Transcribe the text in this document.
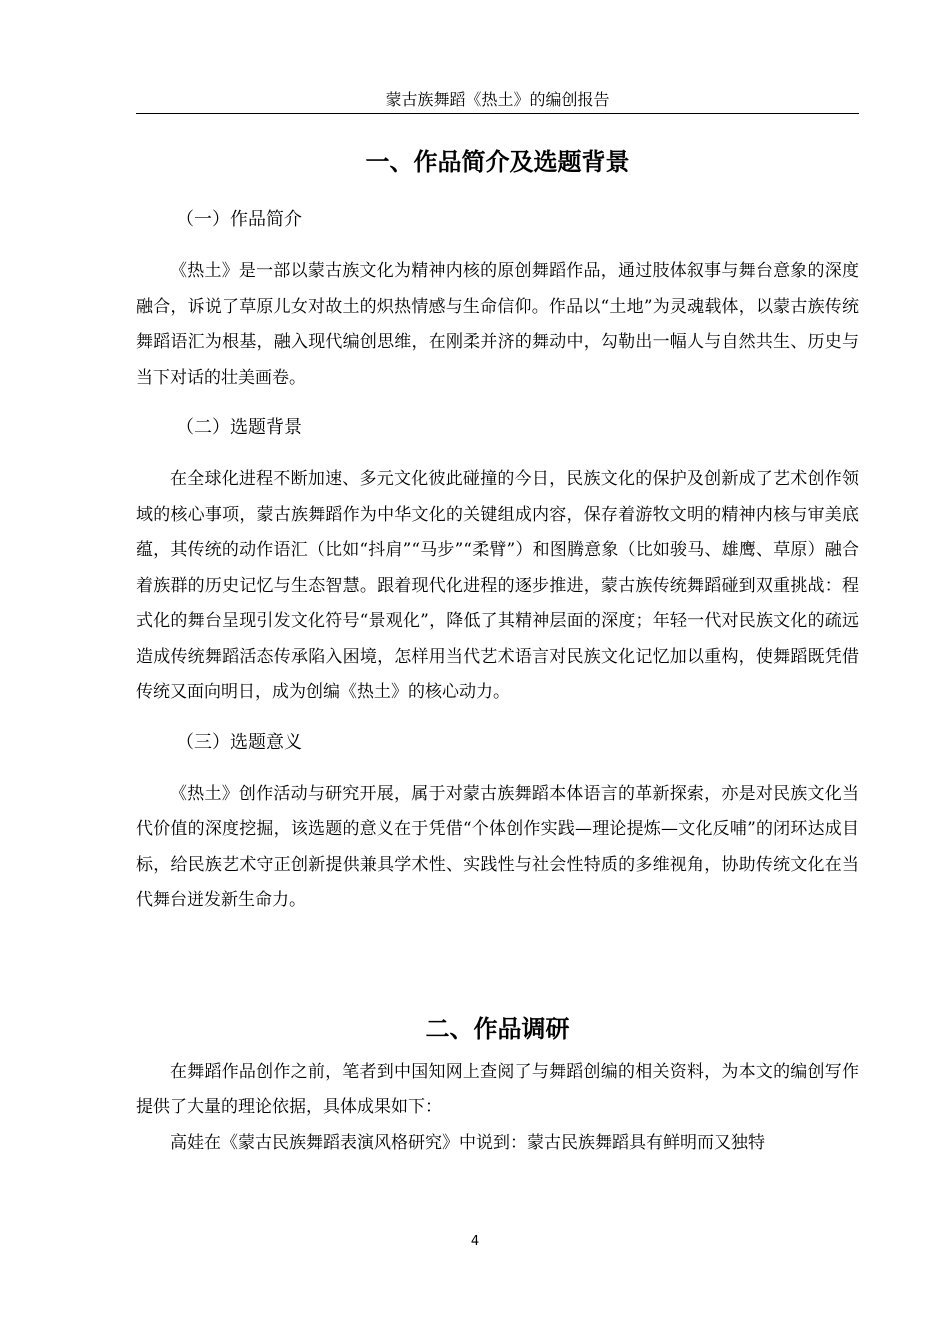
蒙古族舞蹈《热土》的编创报告
一、作品简介及选题背景
（一）作品简介

《热土》是一部以蒙古族文化为精神内核的原创舞蹈作品，通过肢体叙事与舞台意象的深度融合，诉说了草原儿女对故土的炽热情感与生命信仰。作品以“土地”为灵魂载体，以蒙古族传统舞蹈语汇为根基，融入现代编创思维，在刚柔并济的舞动中，勾勒出一幅人与自然共生、历史与当下对话的壮美画卷。

（二）选题背景

在全球化进程不断加速、多元文化彼此碰撞的今日，民族文化的保护及创新成了艺术创作领域的核心事项，蒙古族舞蹈作为中华文化的关键组成内容，保存着游牧文明的精神内核与审美底蕴，其传统的动作语汇（比如“抖肩”“马步”“柔臂”）和图腾意象（比如骏马、雄鹰、草原）融合着族群的历史记忆与生态智慧。跟着现代化进程的逐步推进，蒙古族传统舞蹈碰到双重挑战：程式化的舞台呈现引发文化符号“景观化”，降低了其精神层面的深度；年轻一代对民族文化的疏远造成传统舞蹈活态传承陷入困境，怎样用当代艺术语言对民族文化记忆加以重构，使舞蹈既凭借传统又面向明日，成为创编《热土》的核心动力。

（三）选题意义

《热土》创作活动与研究开展，属于对蒙古族舞蹈本体语言的革新探索，亦是对民族文化当代价值的深度挖掘，该选题的意义在于凭借“个体创作实践—理论提炼—文化反哺”的闭环达成目标，给民族艺术守正创新提供兼具学术性、实践性与社会性特质的多维视角，协助传统文化在当代舞台迸发新生命力。

二、作品调研

在舞蹈作品创作之前，笔者到中国知网上查阅了与舞蹈创编的相关资料，为本文的编创写作提供了大量的理论依据，具体成果如下：

高娃在《蒙古民族舞蹈表演风格研究》中说到：蒙古民族舞蹈具有鲜明而又独特

4
